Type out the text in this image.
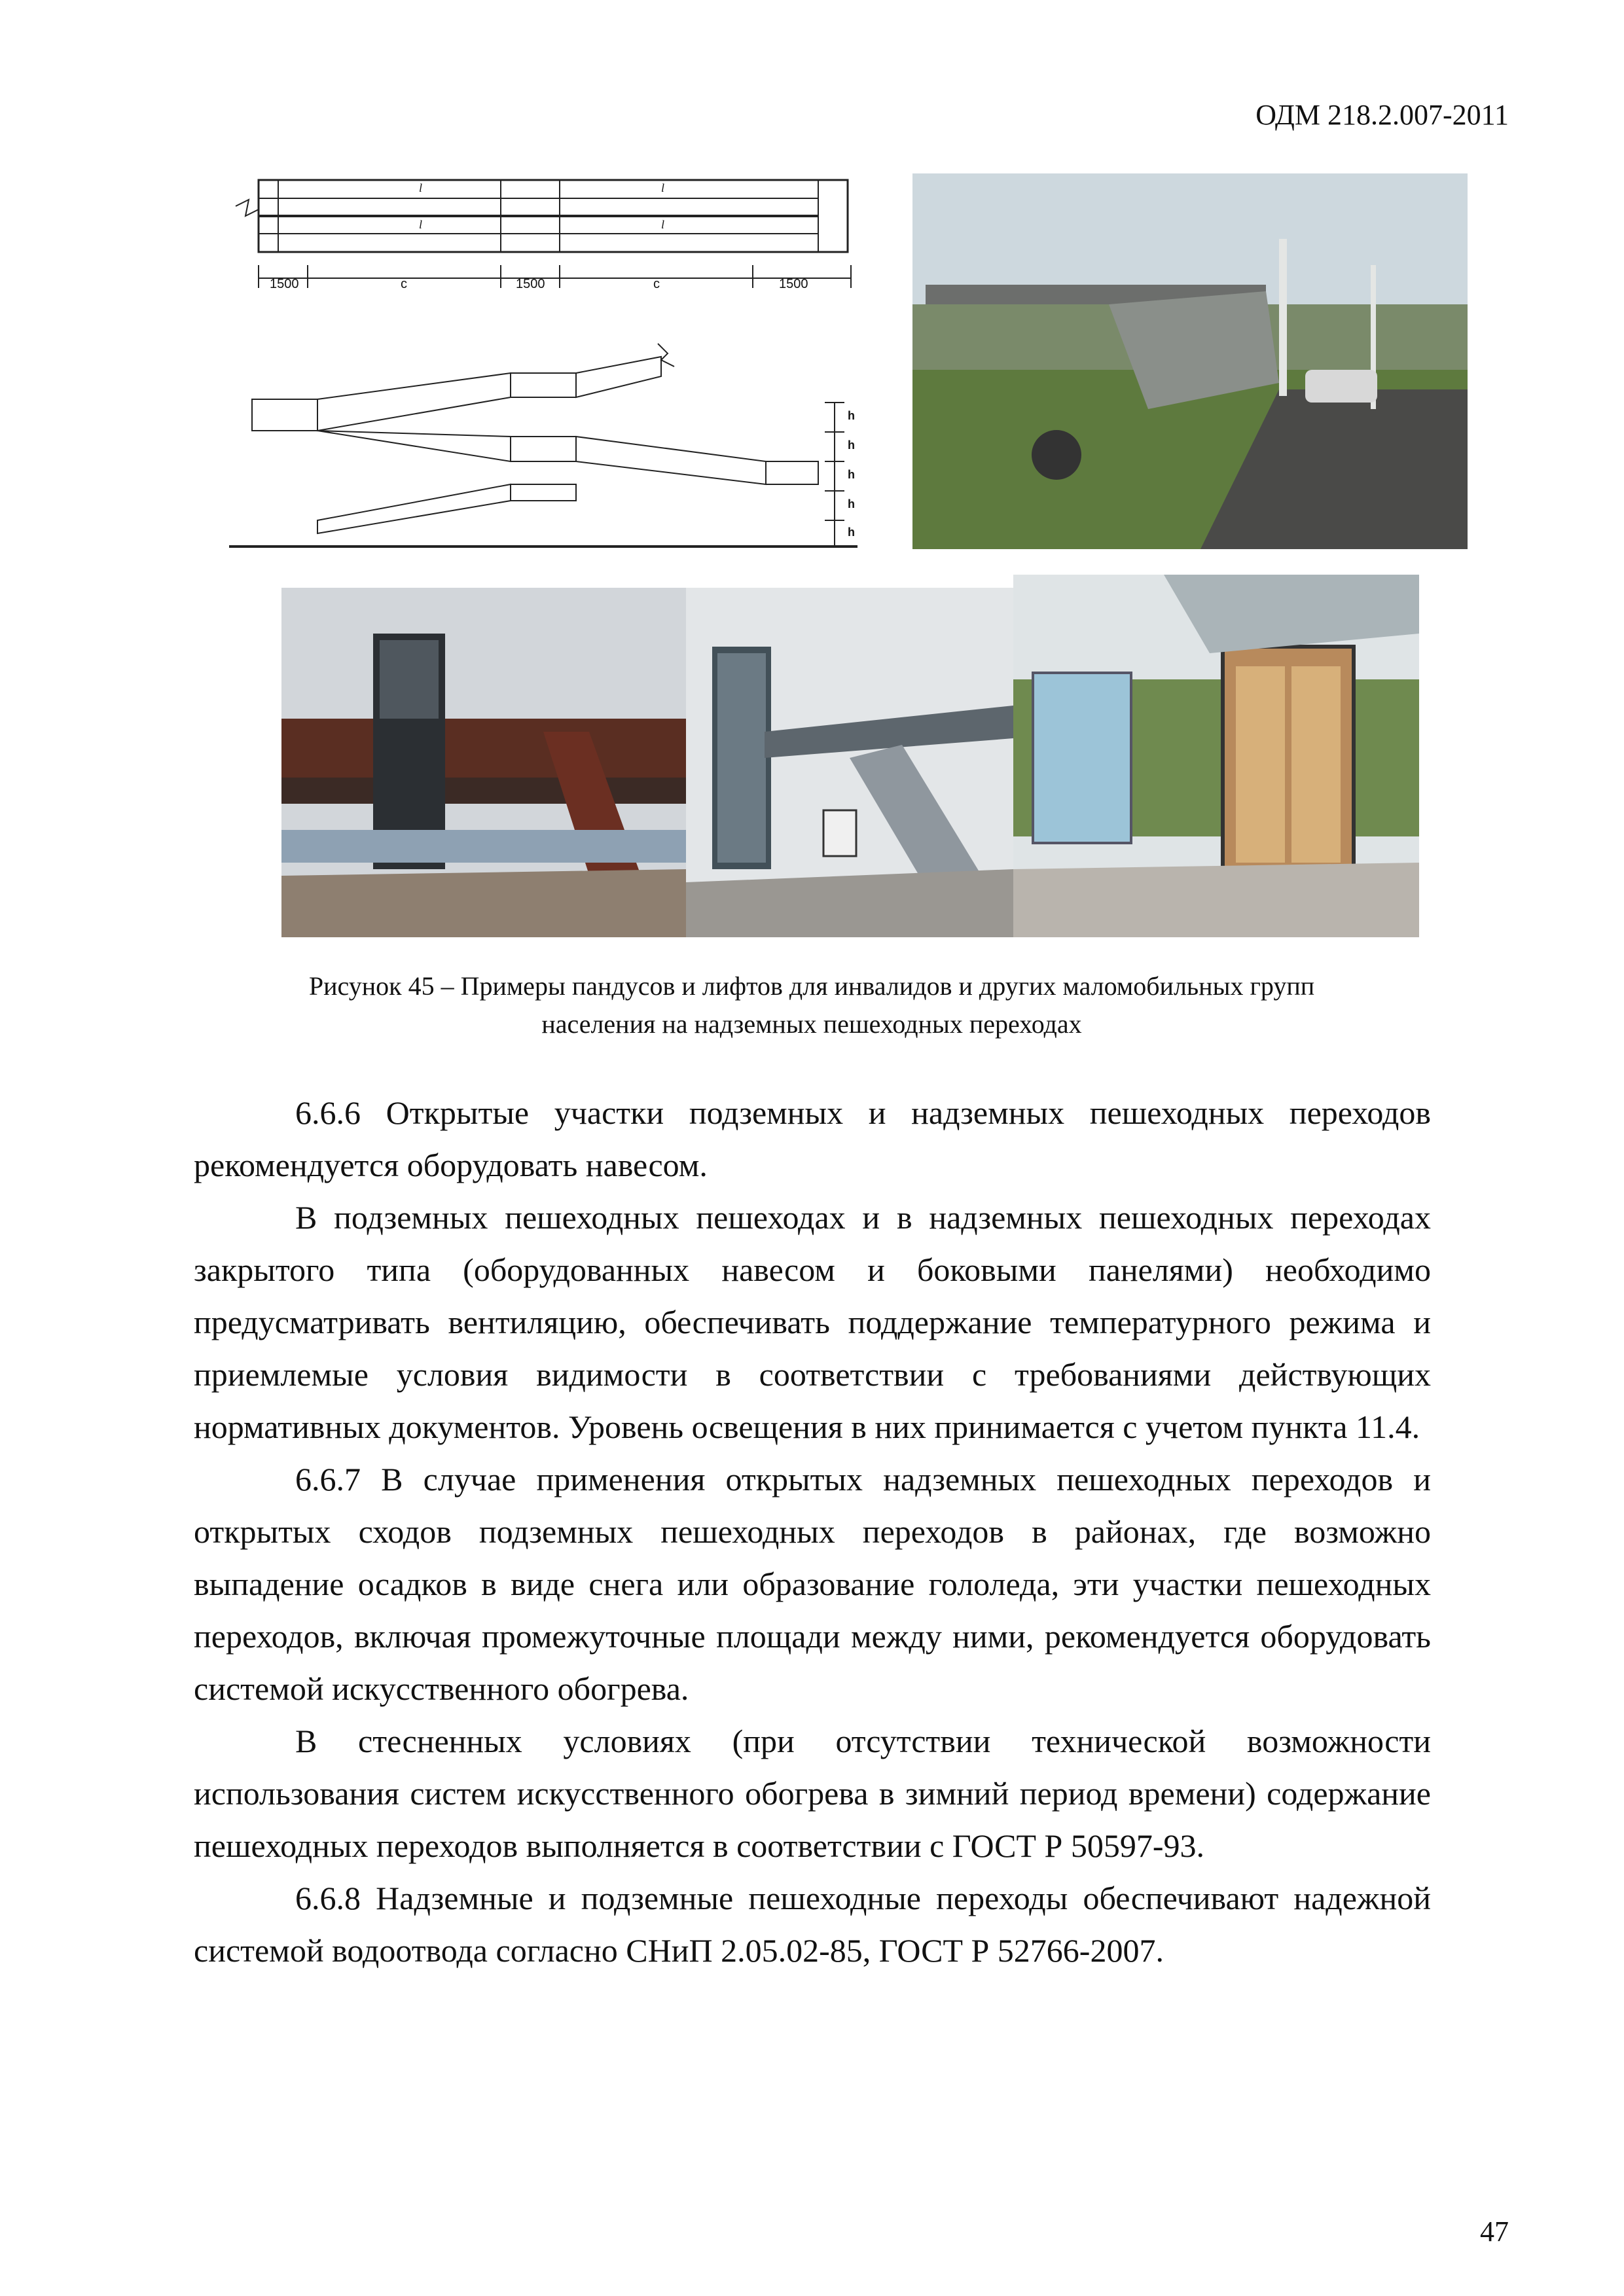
ОДМ 218.2.007-2011
1500	c	1500	c	1500
l	l
l	l
h
h
h
h
h
Рисунок 45 – Примеры пандусов и лифтов для инвалидов и других маломобильных групп
населения на надземных пешеходных переходах

6.6.6 Открытые участки подземных и надземных пешеходных переходов рекомендуется оборудовать навесом.

В подземных пешеходных пешеходах и в надземных пешеходных переходах закрытого типа (оборудованных навесом и боковыми панелями) необходимо предусматривать вентиляцию, обеспечивать поддержание температурного режима и приемлемые условия видимости в соответствии с требованиями действующих нормативных документов. Уровень освещения в них принимается с учетом пункта 11.4.

6.6.7 В случае применения открытых надземных пешеходных переходов и открытых сходов подземных пешеходных переходов в районах, где возможно выпадение осадков в виде снега или образование гололеда, эти участки пешеходных переходов, включая промежуточные площади между ними, рекомендуется оборудовать системой искусственного обогрева.

В стесненных условиях (при отсутствии технической возможности использования систем искусственного обогрева в зимний период времени) содержание пешеходных переходов выполняется в соответствии с ГОСТ Р 50597-93.

6.6.8 Надземные и подземные пешеходные переходы обеспечивают надежной системой водоотвода согласно СНиП 2.05.02-85, ГОСТ Р 52766-2007.

47
